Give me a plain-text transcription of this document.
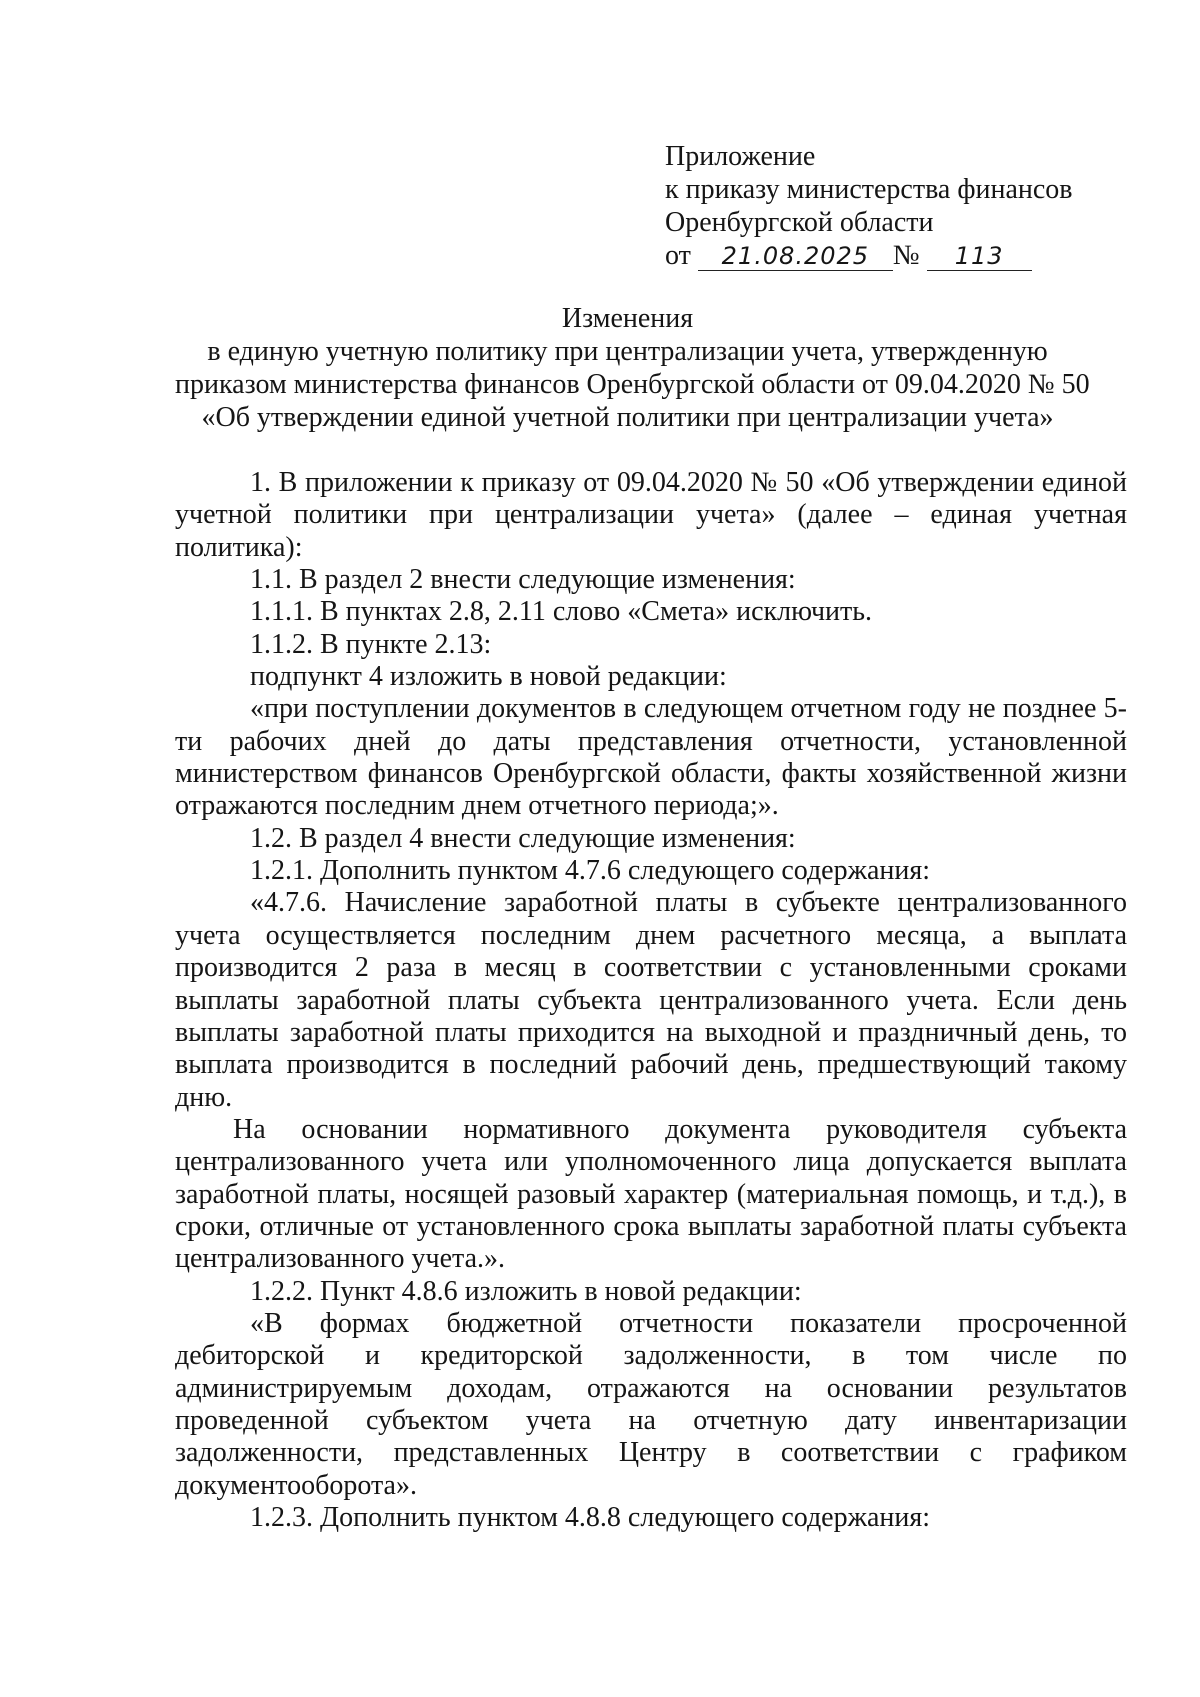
Приложение
к приказу министерства финансов
Оренбургской области
от 21.08.2025 № 113
Изменения
в единую учетную политику при централизации учета, утвержденную
приказом министерства финансов Оренбургской области от 09.04.2020 № 50
«Об утверждении единой учетной политики при централизации учета»

1. В приложении к приказу от 09.04.2020 № 50 «Об утверждении единой учетной политики при централизации учета» (далее – единая учетная политика):

1.1. В раздел 2 внести следующие изменения:

1.1.1. В пунктах 2.8, 2.11 слово «Смета» исключить.

1.1.2. В пункте 2.13:

подпункт 4 изложить в новой редакции:

«при поступлении документов в следующем отчетном году не позднее 5-ти рабочих дней до даты представления отчетности, установленной министерством финансов Оренбургской области, факты хозяйственной жизни отражаются последним днем отчетного периода;».

1.2. В раздел 4 внести следующие изменения:

1.2.1. Дополнить пунктом 4.7.6 следующего содержания:

«4.7.6. Начисление заработной платы в субъекте централизованного учета осуществляется последним днем расчетного месяца, а выплата производится 2 раза в месяц в соответствии с установленными сроками выплаты заработной платы субъекта централизованного учета. Если день выплаты заработной платы приходится на выходной и праздничный день, то выплата производится в последний рабочий день, предшествующий такому дню.

На основании нормативного документа руководителя субъекта централизованного учета или уполномоченного лица допускается выплата заработной платы, носящей разовый характер (материальная помощь, и т.д.), в сроки, отличные от установленного срока выплаты заработной платы субъекта централизованного учета.».

1.2.2. Пункт 4.8.6 изложить в новой редакции:

«В формах бюджетной отчетности показатели просроченной дебиторской и кредиторской задолженности, в том числе по администрируемым доходам, отражаются на основании результатов проведенной субъектом учета на отчетную дату инвентаризации задолженности, представленных Центру в соответствии с графиком документооборота».

1.2.3. Дополнить пунктом 4.8.8 следующего содержания:
